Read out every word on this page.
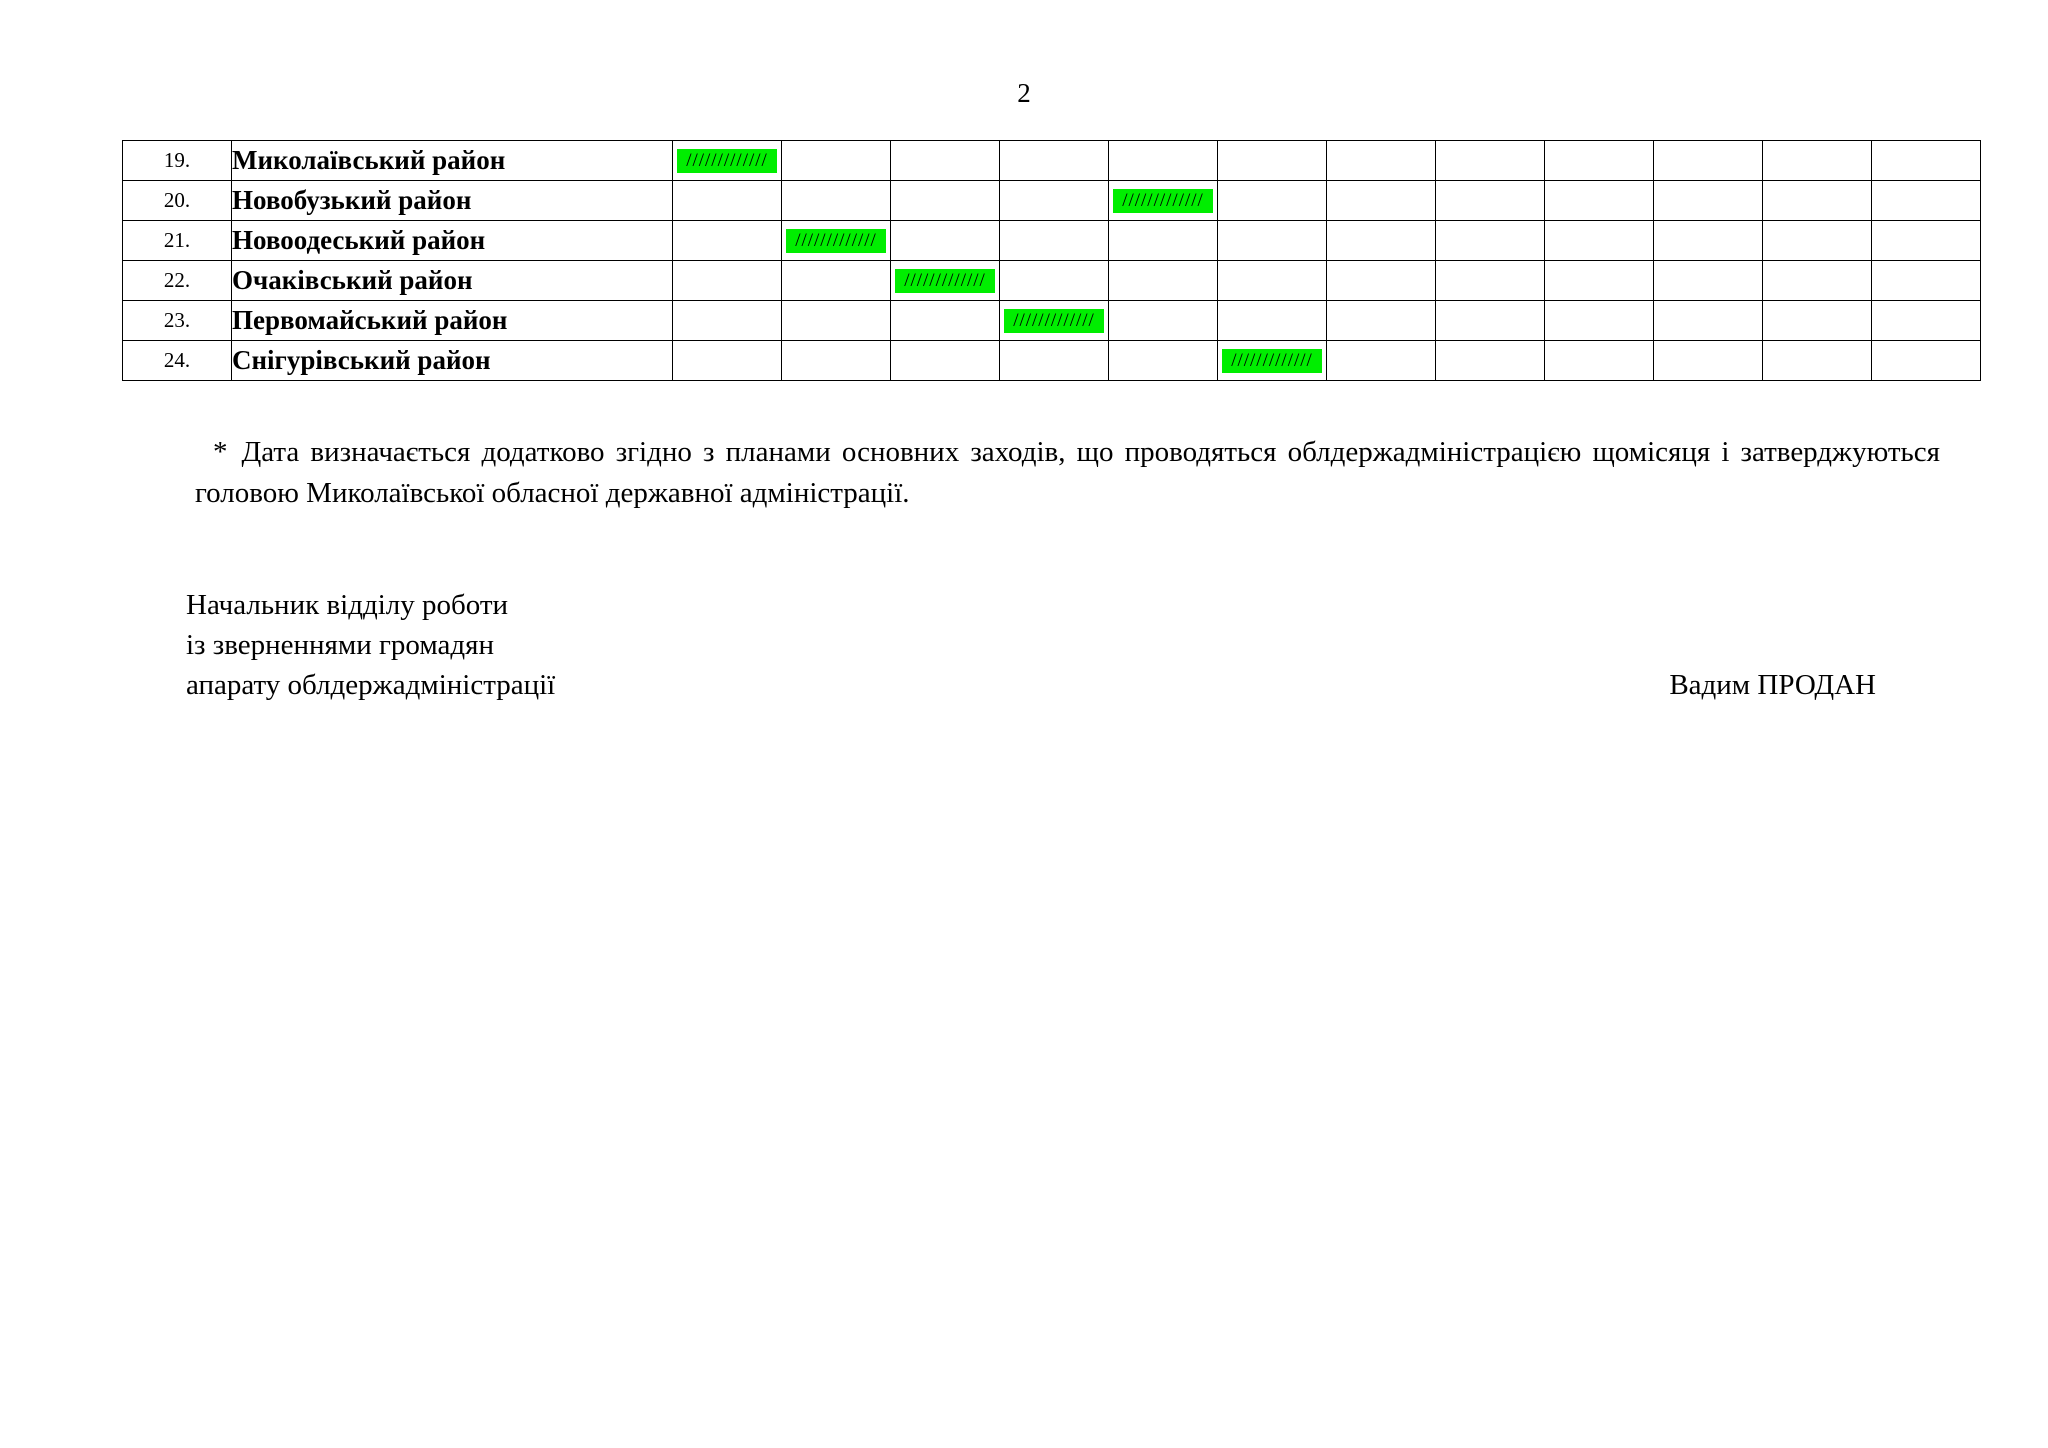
2
19.	Миколаївський район	/////////////											

20.	Новобузький район					/////////////							

21.	Новоодеський район		/////////////										

22.	Очаківський район			/////////////									

23.	Первомайський район				/////////////								

24.	Снігурівський район						/////////////						

* Дата визначається додатково згідно з планами основних заходів, що проводяться облдержадміністрацією щомісяця і затверджуються головою Миколаївської обласної державної адміністрації.
Начальник відділу роботи
із зверненнями громадян
апарату облдержадміністрації	Вадим ПРОДАН
